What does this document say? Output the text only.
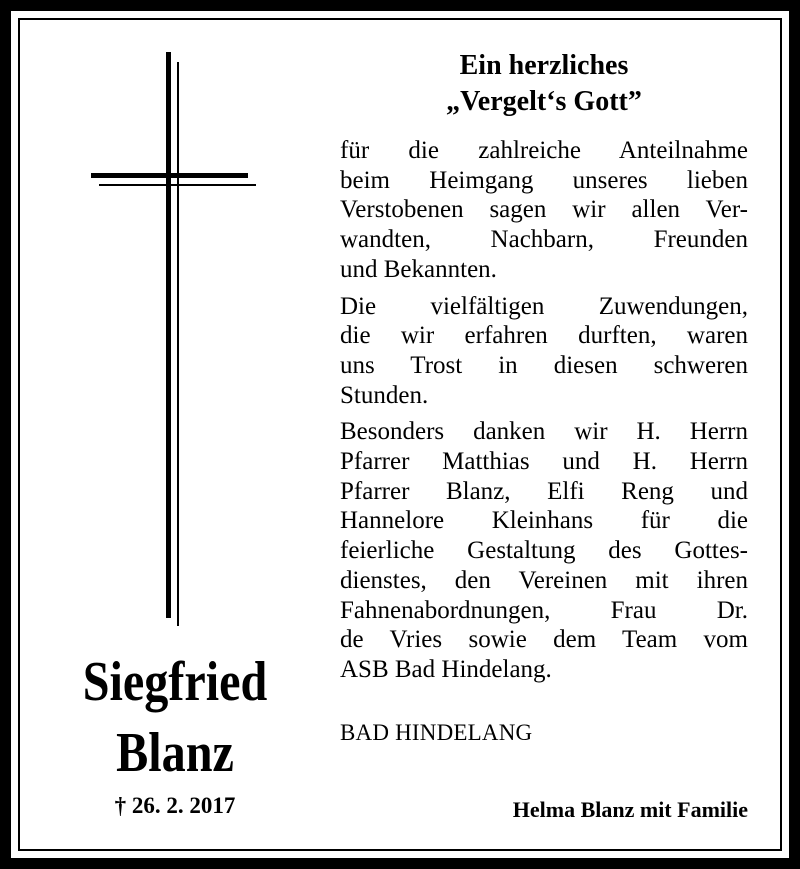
Siegfried
Blanz
† 26. 2. 2017
Ein herzliches
„Vergelt‘s Gott”

für die zahlreiche Anteilnahme
beim Heimgang unseres lieben
Verstobenen sagen wir allen Ver-
wandten, Nachbarn, Freunden
und Bekannten.

Die vielfältigen Zuwendungen,
die wir erfahren durften, waren
uns Trost in diesen schweren
Stunden.

Besonders danken wir H. Herrn
Pfarrer Matthias und H. Herrn
Pfarrer Blanz, Elfi Reng und
Hannelore Kleinhans für die
feierliche Gestaltung des Gottes-
dienstes, den Vereinen mit ihren
Fahnenabordnungen, Frau Dr.
de Vries sowie dem Team vom
ASB Bad Hindelang.

BAD HINDELANG
Helma Blanz mit Familie
